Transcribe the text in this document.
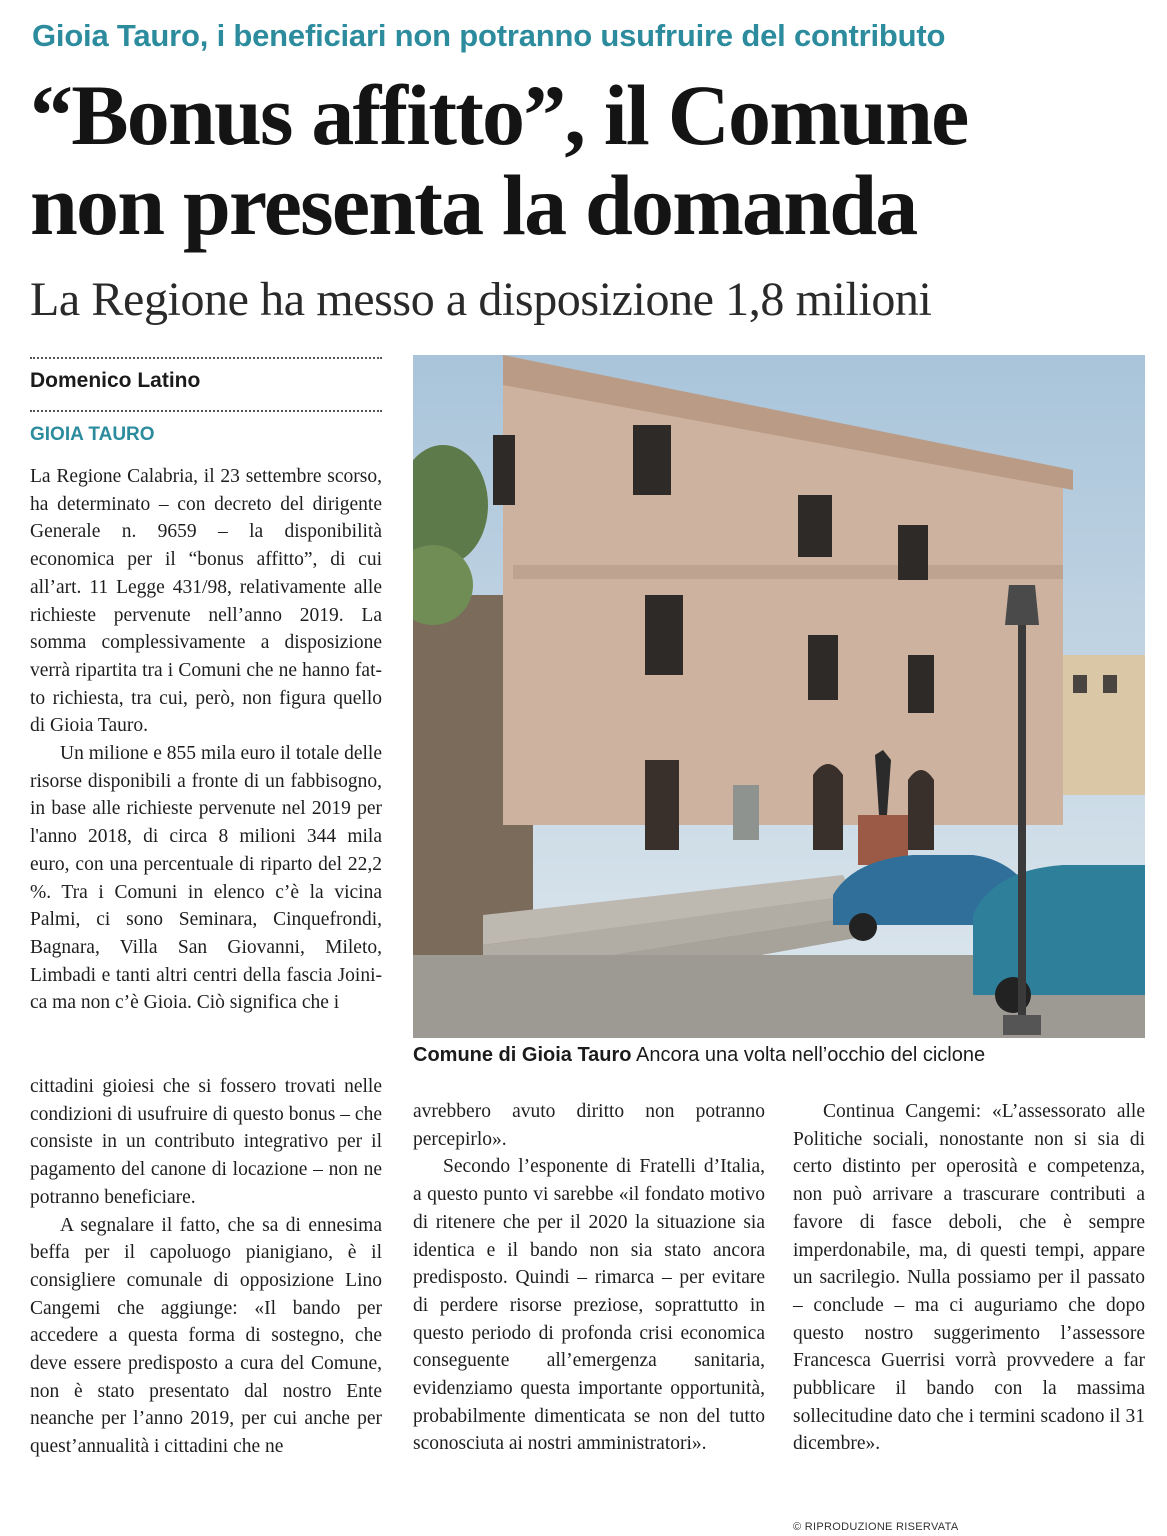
Gioia Tauro, i beneficiari non potranno usufruire del contributo
“Bonus affitto”, il Comune
non presenta la domanda
La Regione ha messo a disposizione 1,8 milioni
Domenico Latino
GIOIA TAURO

La Regione Calabria, il 23 settembre scorso, ha determinato – con decreto del dirigente Generale n. 9659 – la disponibilità economica per il “bonus affitto”, di cui all’art. 11 Legge 431/98, relativamente alle richieste pervenute nell’anno 2019. La somma complessivamente a disposizione verrà ripartita tra i Comuni che ne hanno fatto richiesta, tra cui, però, non figura quello di Gioia Tauro.

Un milione e 855 mila euro il totale delle risorse disponibili a fronte di un fabbisogno, in base alle richieste pervenute nel 2019 per l'anno 2018, di circa 8 milioni 344 mila euro, con una percentuale di riparto del 22,2 %. Tra i Comuni in elenco c’è la vicina Palmi, ci sono Seminara, Cinquefrondi, Bagnara, Villa San Giovanni, Mileto, Limbadi e tanti altri centri della fascia Joinica ma non c’è Gioia. Ciò significa che i

Comune di Gioia Tauro Ancora una volta nell’occhio del ciclone

cittadini gioiesi che si fossero trovati nelle condizioni di usufruire di questo bonus – che consiste in un contributo integrativo per il pagamento del canone di locazione – non ne potranno beneficiare.

A segnalare il fatto, che sa di ennesima beffa per il capoluogo pianigiano, è il consigliere comunale di opposizione Lino Cangemi che aggiunge: «Il bando per accedere a questa forma di sostegno, che deve essere predisposto a cura del Comune, non è stato presentato dal nostro Ente neanche per l’anno 2019, per cui anche per quest’annualità i cittadini che ne

avrebbero avuto diritto non potranno percepirlo».

Secondo l’esponente di Fratelli d’Italia, a questo punto vi sarebbe «il fondato motivo di ritenere che per il 2020 la situazione sia identica e il bando non sia stato ancora predisposto. Quindi – rimarca – per evitare di perdere risorse preziose, soprattutto in questo periodo di profonda crisi economica conseguente all’emergenza sanitaria, evidenziamo questa importante opportunità, probabilmente dimenticata se non del tutto sconosciuta ai nostri amministratori».

Continua Cangemi: «L’assessorato alle Politiche sociali, nonostante non si sia di certo distinto per operosità e competenza, non può arrivare a trascurare contributi a favore di fasce deboli, che è sempre imperdonabile, ma, di questi tempi, appare un sacrilegio. Nulla possiamo per il passato – conclude – ma ci auguriamo che dopo questo nostro suggerimento l’assessore Francesca Guerrisi vorrà provvedere a far pubblicare il bando con la massima sollecitudine dato che i termini scadono il 31 dicembre».

© RIPRODUZIONE RISERVATA
